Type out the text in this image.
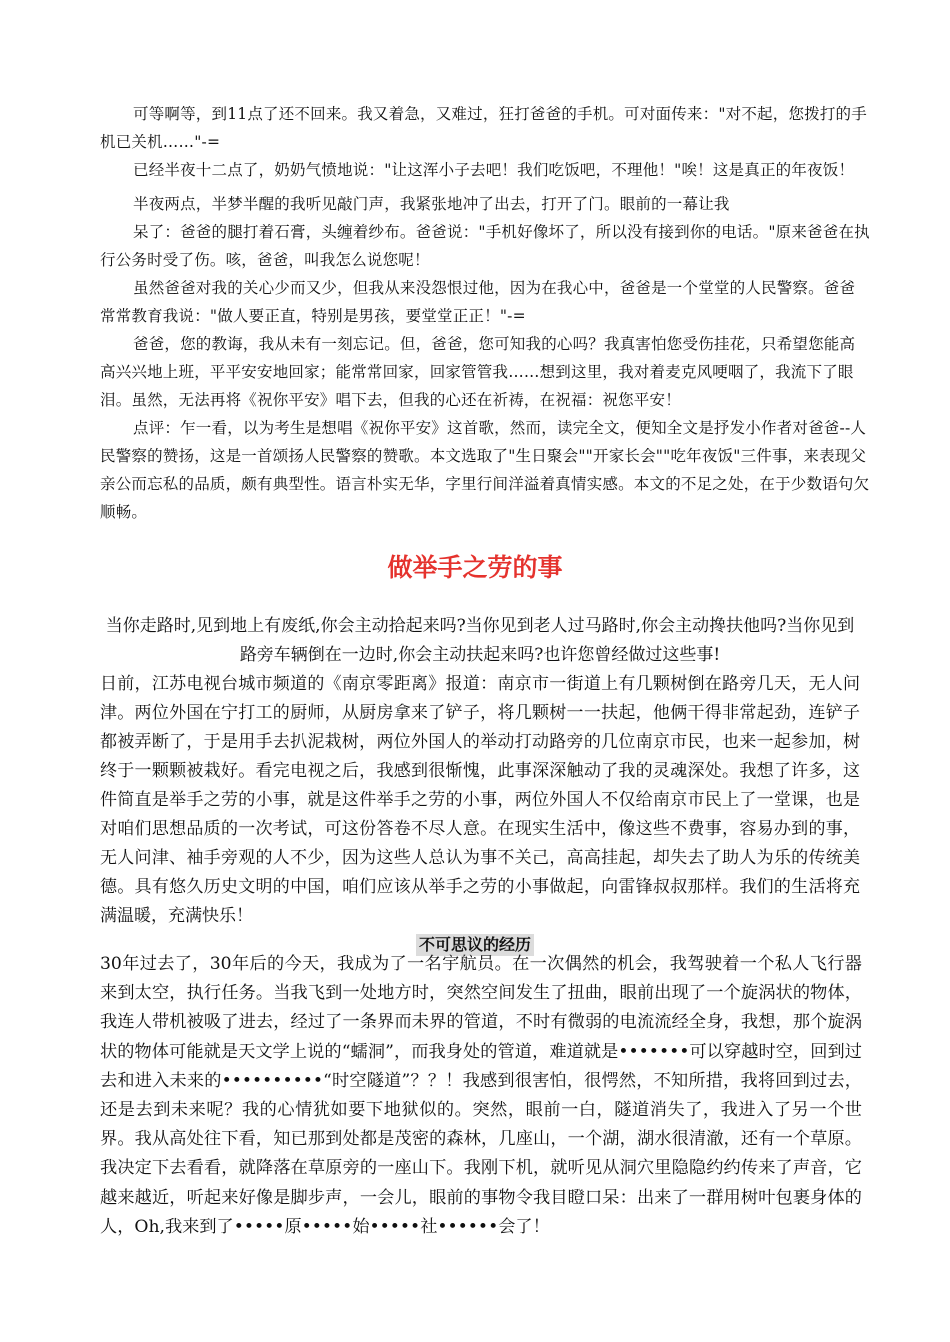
可等啊等，到11点了还不回来。我又着急，又难过，狂打爸爸的手机。可对面传来："对不起，您拨打的手机已关机……"-=

已经半夜十二点了，奶奶气愤地说："让这浑小子去吧！我们吃饭吧，不理他！"唉！这是真正的年夜饭！

半夜两点，半梦半醒的我听见敲门声，我紧张地冲了出去，打开了门。眼前的一幕让我

呆了：爸爸的腿打着石膏，头缠着纱布。爸爸说："手机好像坏了，所以没有接到你的电话。"原来爸爸在执行公务时受了伤。咳，爸爸，叫我怎么说您呢！

虽然爸爸对我的关心少而又少，但我从来没怨恨过他，因为在我心中，爸爸是一个堂堂的人民警察。爸爸常常教育我说："做人要正直，特别是男孩，要堂堂正正！"-=

爸爸，您的教诲，我从未有一刻忘记。但，爸爸，您可知我的心吗？我真害怕您受伤挂花，只希望您能高高兴兴地上班，平平安安地回家；能常常回家，回家管管我……想到这里，我对着麦克风哽咽了，我流下了眼泪。虽然，无法再将《祝你平安》唱下去，但我的心还在祈祷，在祝福：祝您平安！

点评：乍一看，以为考生是想唱《祝你平安》这首歌，然而，读完全文，便知全文是抒发小作者对爸爸--人民警察的赞扬，这是一首颂扬人民警察的赞歌。本文选取了"生日聚会""开家长会""吃年夜饭"三件事，来表现父亲公而忘私的品质，颇有典型性。语言朴实无华，字里行间洋溢着真情实感。本文的不足之处，在于少数语句欠顺畅。

做举手之劳的事

当你走路时,见到地上有废纸,你会主动拾起来吗?当你见到老人过马路时,你会主动搀扶他吗?当你见到路旁车辆倒在一边时,你会主动扶起来吗?也许您曾经做过这些事!

日前，江苏电视台城市频道的《南京零距离》报道：南京市一街道上有几颗树倒在路旁几天，无人问津。两位外国在宁打工的厨师，从厨房拿来了铲子，将几颗树一一扶起，他俩干得非常起劲，连铲子都被弄断了，于是用手去扒泥栽树，两位外国人的举动打动路旁的几位南京市民，也来一起参加，树终于一颗颗被栽好。看完电视之后，我感到很惭愧，此事深深触动了我的灵魂深处。我想了许多，这件简直是举手之劳的小事，就是这件举手之劳的小事，两位外国人不仅给南京市民上了一堂课，也是对咱们思想品质的一次考试，可这份答卷不尽人意。在现实生活中，像这些不费事，容易办到的事，无人问津、袖手旁观的人不少，因为这些人总认为事不关己，高高挂起，却失去了助人为乐的传统美德。具有悠久历史文明的中国，咱们应该从举手之劳的小事做起，向雷锋叔叔那样。我们的生活将充满温暖，充满快乐！

不可思议的经历

30年过去了，30年后的今天，我成为了一名宇航员。在一次偶然的机会，我驾驶着一个私人飞行器来到太空，执行任务。当我飞到一处地方时，突然空间发生了扭曲，眼前出现了一个旋涡状的物体，我连人带机被吸了进去，经过了一条界而未界的管道，不时有微弱的电流流经全身，我想，那个旋涡状的物体可能就是天文学上说的“蠕洞”，而我身处的管道，难道就是•••••••可以穿越时空，回到过去和进入未来的••••••••••“时空隧道”？？！我感到很害怕，很愕然，不知所措，我将回到过去，还是去到未来呢？我的心情犹如要下地狱似的。突然，眼前一白，隧道消失了，我进入了另一个世界。我从高处往下看，知已那到处都是茂密的森林，几座山，一个湖，湖水很清澈，还有一个草原。我决定下去看看，就降落在草原旁的一座山下。我刚下机，就听见从洞穴里隐隐约约传来了声音，它越来越近，听起来好像是脚步声，一会儿，眼前的事物令我目瞪口呆：出来了一群用树叶包裹身体的人，Oh,我来到了•••••原•••••始•••••社••••••会了！
